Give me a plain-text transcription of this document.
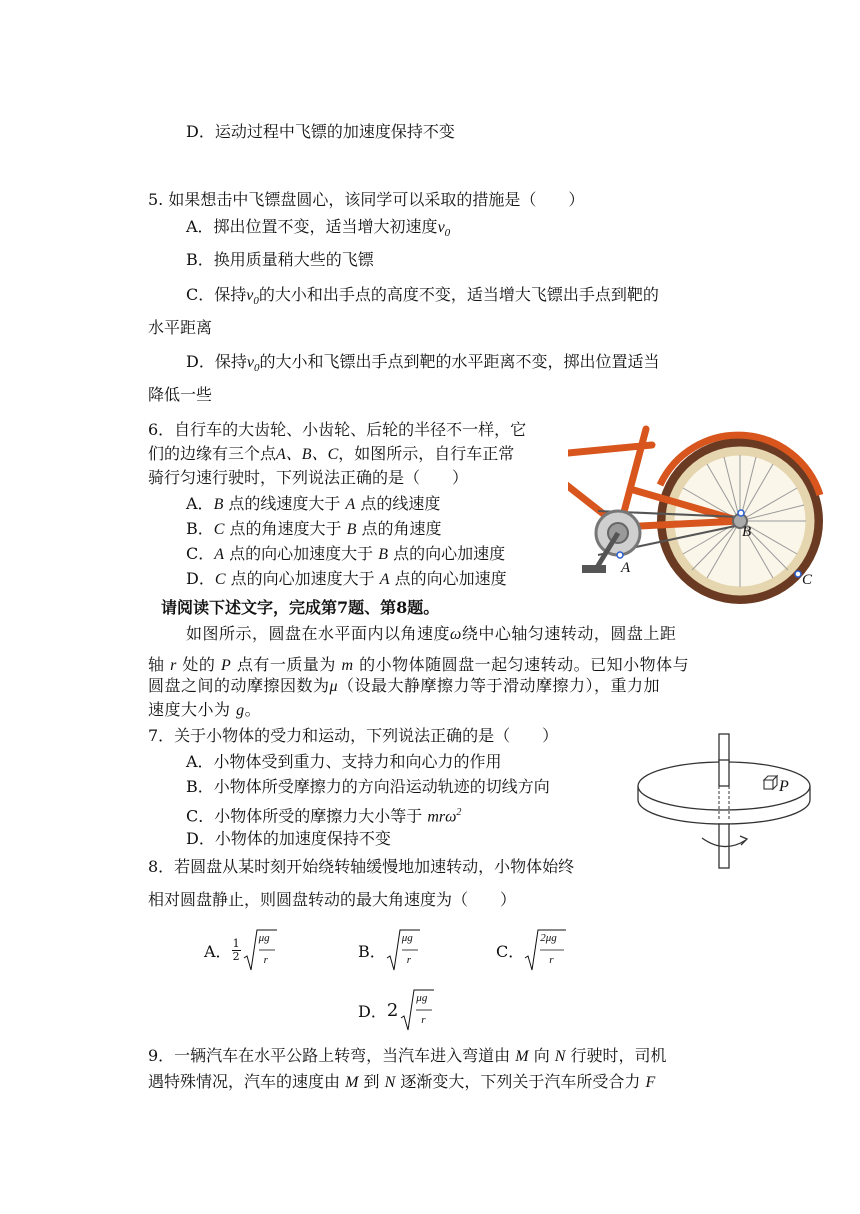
D．运动过程中飞镖的加速度保持不变
5. 如果想击中飞镖盘圆心，该同学可以采取的措施是（　　）
A．掷出位置不变，适当增大初速度$v_0$
B．换用质量稍大些的飞镖
C．保持$v_0$的大小和出手点的高度不变，适当增大飞镖出手点到靶的
水平距离
D．保持$v_0$的大小和飞镖出手点到靶的水平距离不变，掷出位置适当
降低一些
6．自行车的大齿轮、小齿轮、后轮的半径不一样，它
们的边缘有三个点A、B、C，如图所示，自行车正常
骑行匀速行驶时，下列说法正确的是（　　）
A．B 点的线速度大于 A 点的线速度
B．C 点的角速度大于 B 点的角速度
C．A 点的向心加速度大于 B 点的向心加速度
D．C 点的向心加速度大于 A 点的向心加速度
A
B
C
请阅读下述文字，完成第7题、第8题。
如图所示，圆盘在水平面内以角速度ω绕中心轴匀速转动，圆盘上距
轴 r 处的 P 点有一质量为 m 的小物体随圆盘一起匀速转动。已知小物体与
圆盘之间的动摩擦因数为μ（设最大静摩擦力等于滑动摩擦力），重力加
速度大小为 g。
7．关于小物体的受力和运动，下列说法正确的是（　　）
A．小物体受到重力、支持力和向心力的作用
B．小物体所受摩擦力的方向沿运动轨迹的切线方向
C．小物体所受的摩擦力大小等于 mrω$^2$
D．小物体的加速度保持不变
P
8．若圆盘从某时刻开始绕转轴缓慢地加速转动，小物体始终
相对圆盘静止，则圆盘转动的最大角速度为（　　）
A． $\frac{1}{2}$ μg
r	B．
μg
r	C．
2μg
r
D． 2
μg
r
9．一辆汽车在水平公路上转弯，当汽车进入弯道由 M 向 N 行驶时，司机
遇特殊情况，汽车的速度由 M 到 N 逐渐变大，下列关于汽车所受合力 F
